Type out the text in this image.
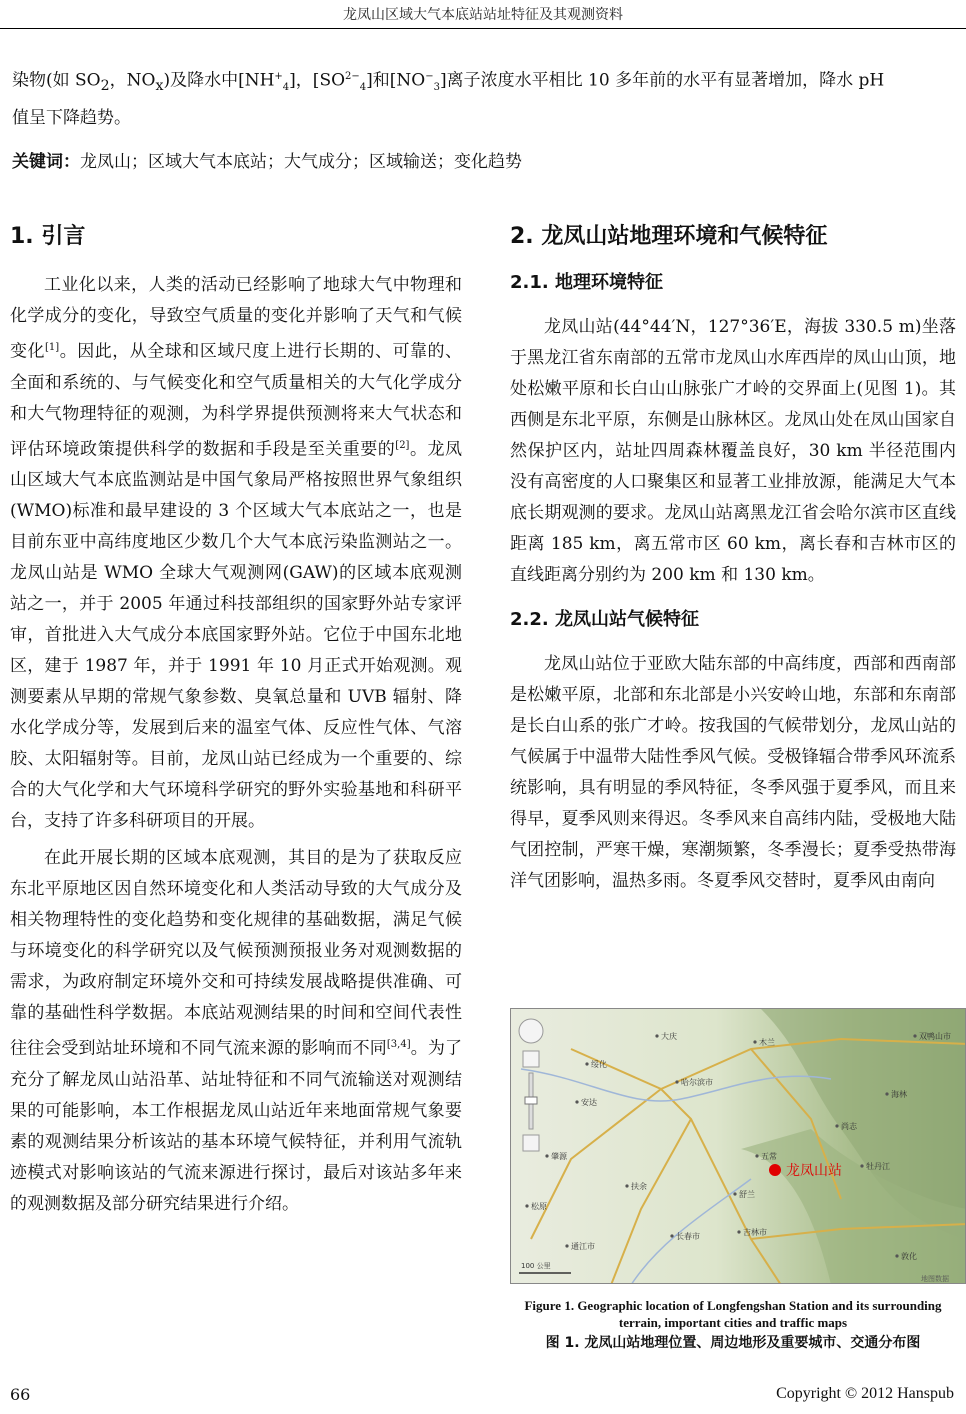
龙凤山区域大气本底站站址特征及其观测资料
染物(如 $SO_2$，$NO_x$)及降水中$[NH^+_4]$，$[SO^{2-}_4]$和$[NO^-_3]$离子浓度水平相比 10 多年前的水平有显著增加，降水 pH
值呈下降趋势。
关键词：龙凤山；区域大气本底站；大气成分；区域输送；变化趋势
1. 引言

工业化以来，人类的活动已经影响了地球大气中物理和化学成分的变化，导致空气质量的变化并影响了天气和气候变化[1]。因此，从全球和区域尺度上进行长期的、可靠的、全面和系统的、与气候变化和空气质量相关的大气化学成分和大气物理特征的观测，为科学界提供预测将来大气状态和评估环境政策提供科学的数据和手段是至关重要的[2]。龙凤山区域大气本底监测站是中国气象局严格按照世界气象组织(WMO)标准和最早建设的 3 个区域大气本底站之一，也是目前东亚中高纬度地区少数几个大气本底污染监测站之一。龙凤山站是 WMO 全球大气观测网(GAW)的区域本底观测站之一，并于 2005 年通过科技部组织的国家野外站专家评审，首批进入大气成分本底国家野外站。它位于中国东北地区，建于 1987 年，并于 1991 年 10 月正式开始观测。观测要素从早期的常规气象参数、臭氧总量和 UVB 辐射、降水化学成分等，发展到后来的温室气体、反应性气体、气溶胶、太阳辐射等。目前，龙凤山站已经成为一个重要的、综合的大气化学和大气环境科学研究的野外实验基地和科研平台，支持了许多科研项目的开展。

在此开展长期的区域本底观测，其目的是为了获取反应东北平原地区因自然环境变化和人类活动导致的大气成分及相关物理特性的变化趋势和变化规律的基础数据，满足气候与环境变化的科学研究以及气候预测预报业务对观测数据的需求，为政府制定环境外交和可持续发展战略提供准确、可靠的基础性科学数据。本底站观测结果的时间和空间代表性往往会受到站址环境和不同气流来源的影响而不同[3,4]。为了充分了解龙凤山站沿革、站址特征和不同气流输送对观测结果的可能影响，本工作根据龙凤山站近年来地面常规气象要素的观测结果分析该站的基本环境气候特征，并利用气流轨迹模式对影响该站的气流来源进行探讨，最后对该站多年来的观测数据及部分研究结果进行介绍。

2. 龙凤山站地理环境和气候特征
2.1. 地理环境特征

龙凤山站(44°44′N，127°36′E，海拔 330.5 m)坐落于黑龙江省东南部的五常市龙凤山水库西岸的凤山山顶，地处松嫩平原和长白山山脉张广才岭的交界面上(见图 1)。其西侧是东北平原，东侧是山脉林区。龙凤山处在凤山国家自然保护区内，站址四周森林覆盖良好，30 km 半径范围内没有高密度的人口聚集区和显著工业排放源，能满足大气本底长期观测的要求。龙凤山站离黑龙江省会哈尔滨市区直线距离 185 km，离五常市区 60 km，离长春和吉林市区的直线距离分别约为 200 km 和 130 km。

2.2. 龙凤山站气候特征

龙凤山站位于亚欧大陆东部的中高纬度，西部和西南部是松嫩平原，北部和东北部是小兴安岭山地，东部和东南部是长白山系的张广才岭。按我国的气候带划分，龙凤山站的气候属于中温带大陆性季风气候。受极锋辐合带季风环流系统影响，具有明显的季风特征，冬季风强于夏季风，而且来得早，夏季风则来得迟。冬季风来自高纬内陆，受极地大陆气团控制，严寒干燥，寒潮频繁，冬季漫长；夏季受热带海洋气团影响，温热多雨。冬夏季风交替时，夏季风由南向

大庆
哈尔滨市
双鸭山市
木兰
绥化
安达
肇源
松原
扶余
长春市	吉林市
舒兰
五常
尚志
牡丹江
敦化
通江市
海林
龙凤山站
100 公里
地图数据
Figure 1. Geographic location of Longfengshan Station and its surrounding terrain, important cities and traffic maps
图 1. 龙凤山站地理位置、周边地形及重要城市、交通分布图
66	Copyright © 2012 Hanspub
